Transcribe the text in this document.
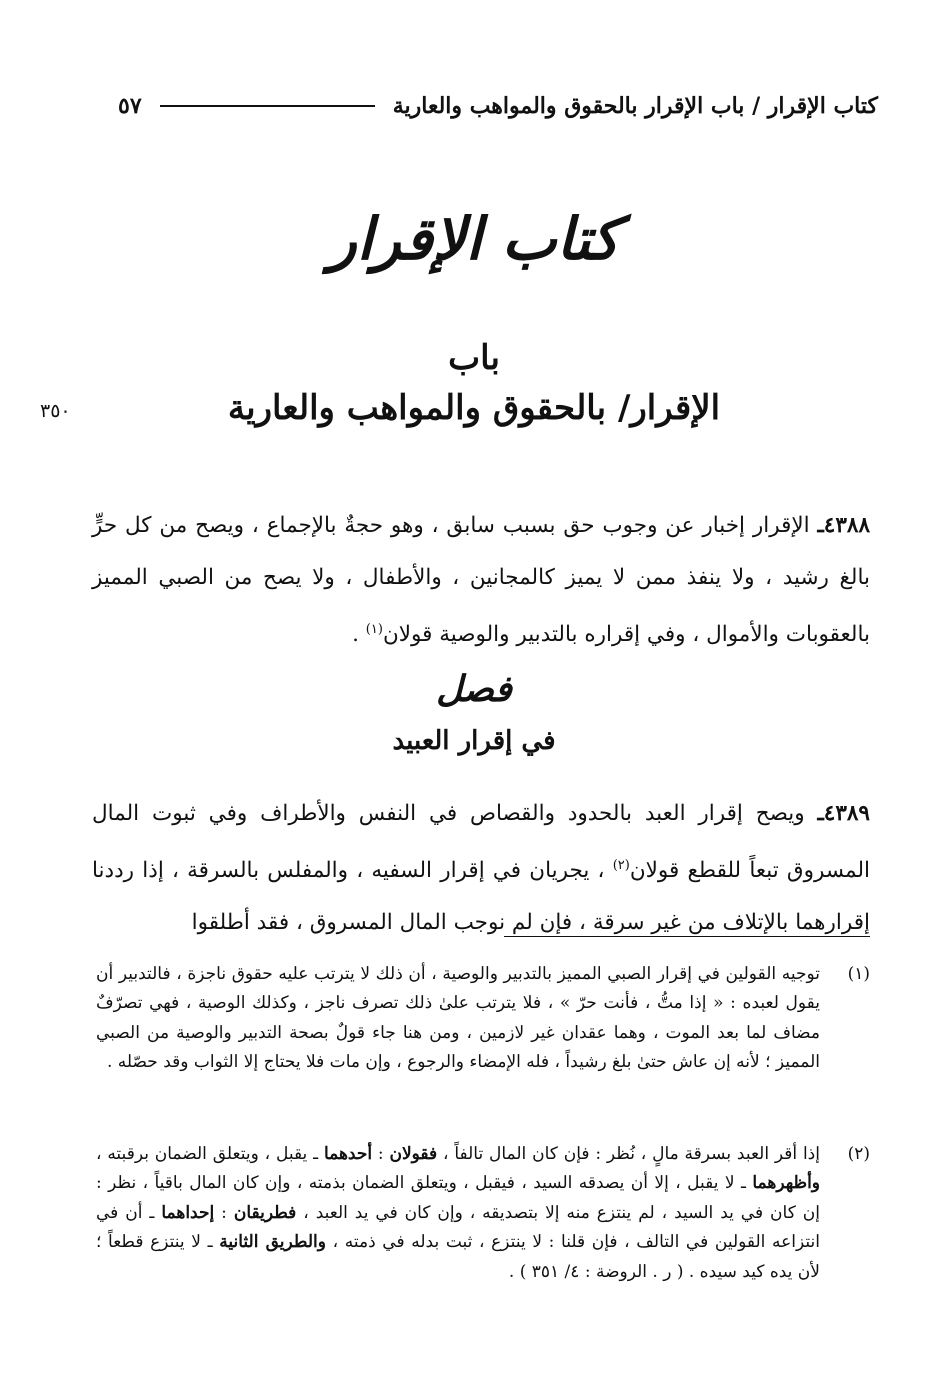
كتاب الإقرار / باب الإقرار بالحقوق والمواهب والعارية
٥٧
كتاب الإقرار
باب
الإقرار/ بالحقوق والمواهب والعارية
٣٥٠
٤٣٨٨ـ الإقرار إخبار عن وجوب حق بسبب سابق ، وهو حجةٌ بالإجماع ، ويصح من كل حرٍّ بالغ رشيد ، ولا ينفذ ممن لا يميز كالمجانين ، والأطفال ، ولا يصح من الصبي المميز بالعقوبات والأموال ، وفي إقراره بالتدبير والوصية قولان$^{(١)}$ .
فصل
في إقرار العبيد
٤٣٨٩ـ ويصح إقرار العبد بالحدود والقصاص في النفس والأطراف وفي ثبوت المال المسروق تبعاً للقطع قولان$^{(٢)}$ ، يجريان في إقرار السفيه ، والمفلس بالسرقة ، إذا رددنا إقرارهما بالإتلاف من غير سرقة ، فإن لم نوجب المال المسروق ، فقد أطلقوا
(١)
توجيه القولين في إقرار الصبي المميز بالتدبير والوصية ، أن ذلك لا يترتب عليه حقوق ناجزة ، فالتدبير أن يقول لعبده : « إذا متُّ ، فأنت حرّ » ، فلا يترتب علىٰ ذلك تصرف ناجز ، وكذلك الوصية ، فهي تصرّفٌ مضاف لما بعد الموت ، وهما عقدان غير لازمين ، ومن هنا جاء قولٌ بصحة التدبير والوصية من الصبي المميز ؛ لأنه إن عاش حتىٰ بلغ رشيداً ، فله الإمضاء والرجوع ، وإن مات فلا يحتاج إلا الثواب وقد حصّله .
(٢)
إذا أقر العبد بسرقة مالٍ ، نُظر : فإن كان المال تالفاً ، فقولان : أحدهما ـ يقبل ، ويتعلق الضمان برقبته ، وأظهرهما ـ لا يقبل ، إلا أن يصدقه السيد ، فيقبل ، ويتعلق الضمان بذمته ، وإن كان المال باقياً ، نظر : إن كان في يد السيد ، لم ينتزع منه إلا بتصديقه ، وإن كان في يد العبد ، فطريقان : إحداهما ـ أن في انتزاعه القولين في التالف ، فإن قلنا : لا ينتزع ، ثبت بدله في ذمته ، والطريق الثانية ـ لا ينتزع قطعاً ؛ لأن يده كيد سيده . ( ر . الروضة : ٤/ ٣٥١ ) .
